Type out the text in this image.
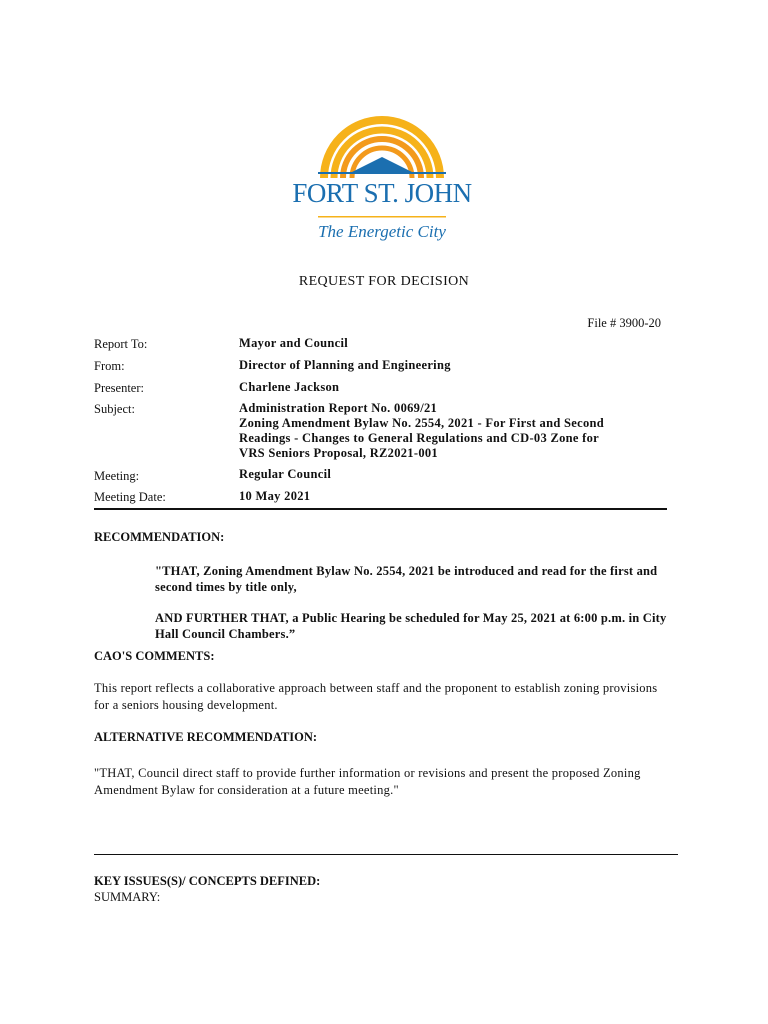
FORT ST. JOHN
The Energetic City
REQUEST FOR DECISION
File # 3900-20
Report To:	Mayor and Council
From:	Director of Planning and Engineering
Presenter:	Charlene Jackson
Subject:	Administration Report No. 0069/21
Zoning Amendment Bylaw No. 2554, 2021 - For First and Second
Readings - Changes to General Regulations and CD-03 Zone for
VRS Seniors Proposal, RZ2021-001
Meeting:	Regular Council
Meeting Date:	10 May 2021
RECOMMENDATION:
"THAT, Zoning Amendment Bylaw No. 2554, 2021 be introduced and read for the first and second times by title only,
AND FURTHER THAT, a Public Hearing be scheduled for May 25, 2021 at 6:00 p.m. in City Hall Council Chambers.”
CAO'S COMMENTS:
This report reflects a collaborative approach between staff and the proponent to establish zoning provisions for a seniors housing development.
ALTERNATIVE RECOMMENDATION:
"THAT, Council direct staff to provide further information or revisions and present the proposed Zoning Amendment Bylaw for consideration at a future meeting."
KEY ISSUES(S)/ CONCEPTS DEFINED:
SUMMARY:
